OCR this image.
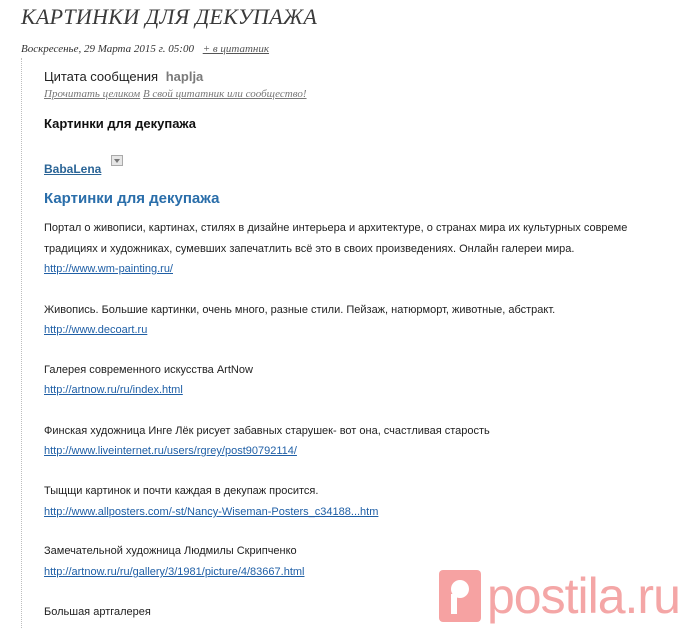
КАРТИНКИ ДЛЯ ДЕКУПАЖА
Воскресенье, 29 Марта 2015 г. 05:00 + в цитатник
Цитата сообщения haplja
Прочитать целиком В свой цитатник или сообщество!
Картинки для декупажа
BabaLena
Картинки для декупажа
Портал о живописи, картинах, стилях в дизайне интерьера и архитектуре, о странах мира их культурных совреме
традициях и художниках, сумевших запечатлить всё это в своих произведениях. Онлайн галереи мира.
http://www.wm-painting.ru/
Живопись. Большие картинки, очень много, разные стили. Пейзаж, натюрморт, животные, абстракт.
http://www.decoart.ru
Галерея современного искусства ArtNow
http://artnow.ru/ru/index.html
Финская художница Инге Лёк рисует забавных старушек- вот она, счастливая старость
http://www.liveinternet.ru/users/rgrey/post90792114/
Тыщщи картинок и почти каждая в декупаж просится.
http://www.allposters.com/-st/Nancy-Wiseman-Posters_c34188...htm
Замечательной художница Людмилы Скрипченко
http://artnow.ru/ru/gallery/3/1981/picture/4/83667.html
Большая артгалерея	postila.ru
